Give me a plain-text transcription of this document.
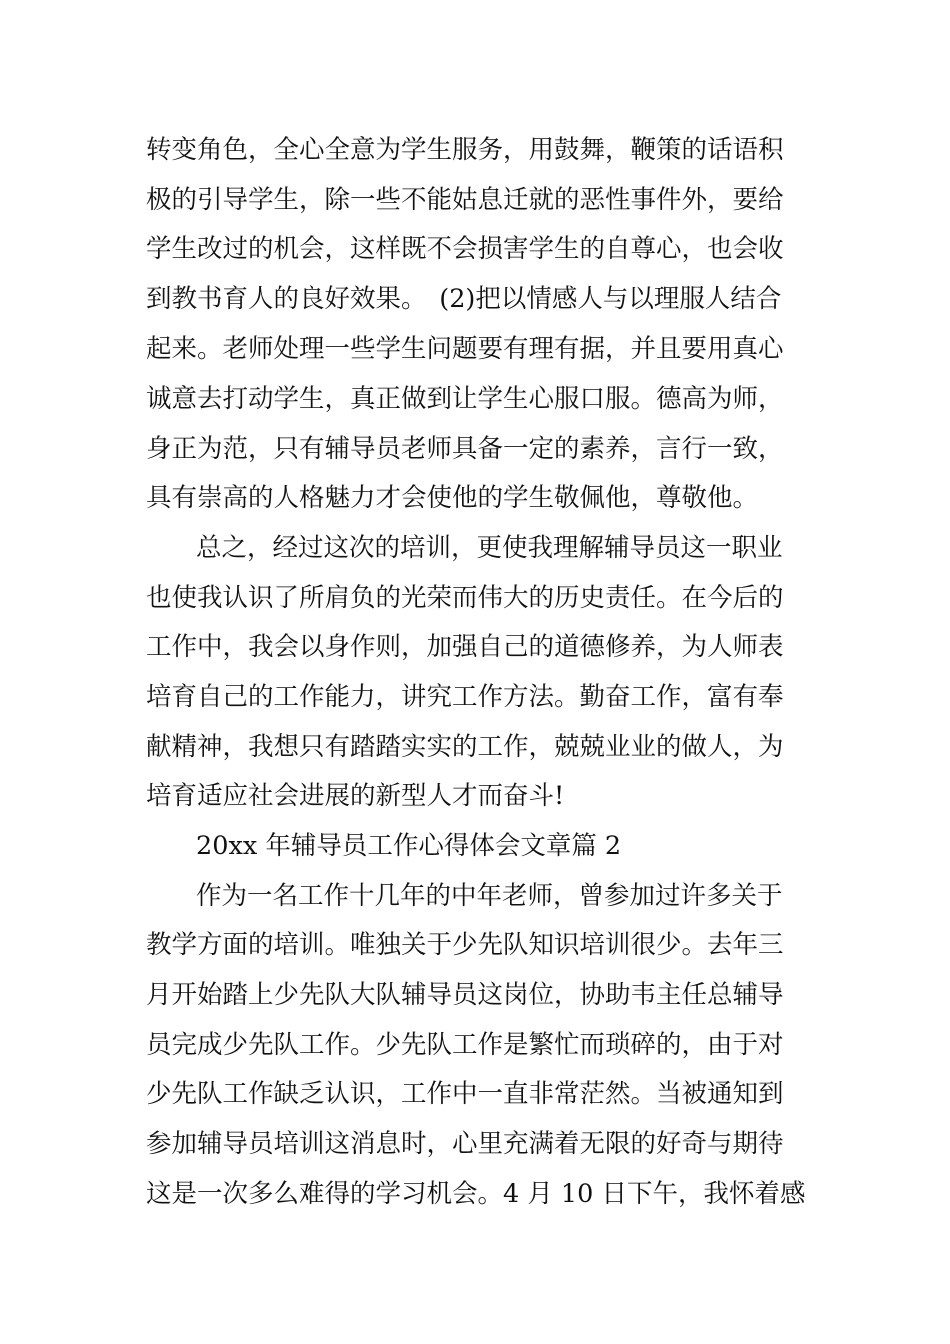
转变角色，全心全意为学生服务，用鼓舞，鞭策的话语积
极的引导学生，除一些不能姑息迁就的恶性事件外，要给
学生改过的机会，这样既不会损害学生的自尊心，也会收
到教书育人的良好效果。　(2)把以情感人与以理服人结合
起来。老师处理一些学生问题要有理有据，并且要用真心
诚意去打动学生，真正做到让学生心服口服。德高为师，
身正为范，只有辅导员老师具备一定的素养，言行一致，
具有崇高的人格魅力才会使他的学生敬佩他，尊敬他。
总之，经过这次的培训，更使我理解辅导员这一职业
也使我认识了所肩负的光荣而伟大的历史责任。在今后的
工作中，我会以身作则，加强自己的道德修养，为人师表
培育自己的工作能力，讲究工作方法。勤奋工作，富有奉
献精神，我想只有踏踏实实的工作，兢兢业业的做人，为
培育适应社会进展的新型人才而奋斗!
20xx 年辅导员工作心得体会文章篇 2
作为一名工作十几年的中年老师，曾参加过许多关于
教学方面的培训。唯独关于少先队知识培训很少。去年三
月开始踏上少先队大队辅导员这岗位，协助韦主任总辅导
员完成少先队工作。少先队工作是繁忙而琐碎的，由于对
少先队工作缺乏认识，工作中一直非常茫然。当被通知到
参加辅导员培训这消息时，心里充满着无限的好奇与期待
这是一次多么难得的学习机会。4 月 10 日下午，我怀着感
